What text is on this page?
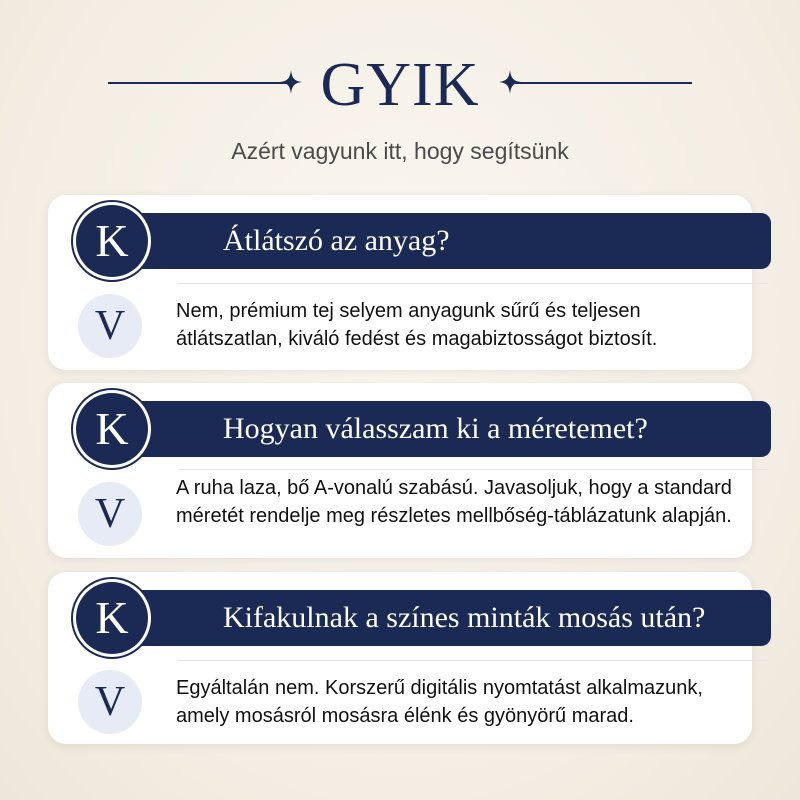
GYIK
Azért vagyunk itt, hogy segítsünk
Átlátszó az anyag?
K
V	Nem, prémium tej selyem anyagunk sűrű és teljesen átlátszatlan, kiváló fedést és magabiztosságot biztosít.
Hogyan válasszam ki a méretemet?
K
V
A ruha laza, bő A-vonalú szabású. Javasoljuk, hogy a standard méretét rendelje meg részletes mellbőség-táblázatunk alapján.
Kifakulnak a színes minták mosás után?
K
V	Egyáltalán nem. Korszerű digitális nyomtatást alkalmazunk, amely mosásról mosásra élénk és gyönyörű marad.
